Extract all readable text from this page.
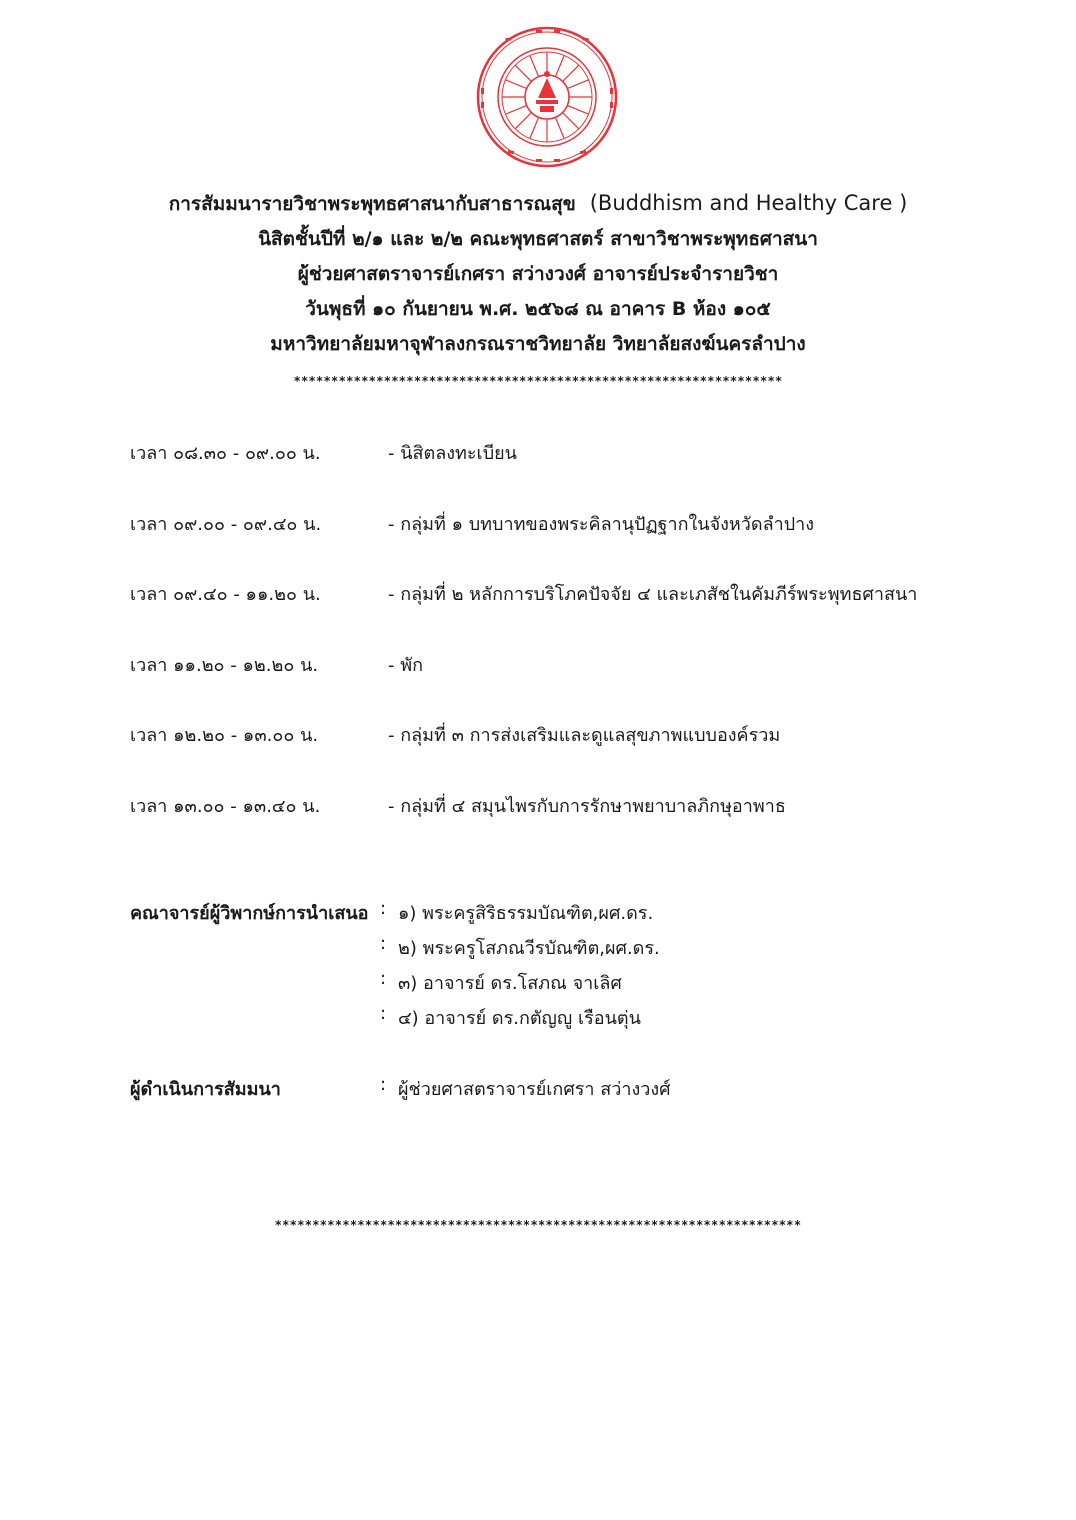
การสัมมนารายวิชาพระพุทธศาสนากับสาธารณสุข (Buddhism and Healthy Care )
นิสิตชั้นปีที่ ๒/๑ และ ๒/๒ คณะพุทธศาสตร์ สาขาวิชาพระพุทธศาสนา
ผู้ช่วยศาสตราจารย์เกศรา สว่างวงศ์ อาจารย์ประจำรายวิชา
วันพุธที่ ๑๐ กันยายน พ.ศ. ๒๕๖๘ ณ อาคาร B ห้อง ๑๐๕
มหาวิทยาลัยมหาจุฬาลงกรณราชวิทยาลัย วิทยาลัยสงฆ์นครลำปาง
*****************************************************************
เวลา ๐๘.๓๐ - ๐๙.๐๐ น.	- นิสิตลงทะเบียน
เวลา ๐๙.๐๐ - ๐๙.๔๐ น.	- กลุ่มที่ ๑ บทบาทของพระคิลานุปัฏฐากในจังหวัดลำปาง
เวลา ๐๙.๔๐ - ๑๑.๒๐ น.	- กลุ่มที่ ๒ หลักการบริโภคปัจจัย ๔ และเภสัชในคัมภีร์พระพุทธศาสนา
เวลา ๑๑.๒๐ - ๑๒.๒๐ น.	- พัก
เวลา ๑๒.๒๐ - ๑๓.๐๐ น.	- กลุ่มที่ ๓ การส่งเสริมและดูแลสุขภาพแบบองค์รวม
เวลา ๑๓.๐๐ - ๑๓.๔๐ น.	- กลุ่มที่ ๔ สมุนไพรกับการรักษาพยาบาลภิกษุอาพาธ
คณาจารย์ผู้วิพากษ์การนำเสนอ : ๑) พระครูสิริธรรมบัณฑิต,ผศ.ดร.
: ๒) พระครูโสภณวีรบัณฑิต,ผศ.ดร.
: ๓) อาจารย์ ดร.โสภณ จาเลิศ
: ๔) อาจารย์ ดร.กตัญญู เรือนตุ่น
ผู้ดำเนินการสัมมนา	: ผู้ช่วยศาสตราจารย์เกศรา สว่างวงศ์
**********************************************************************
